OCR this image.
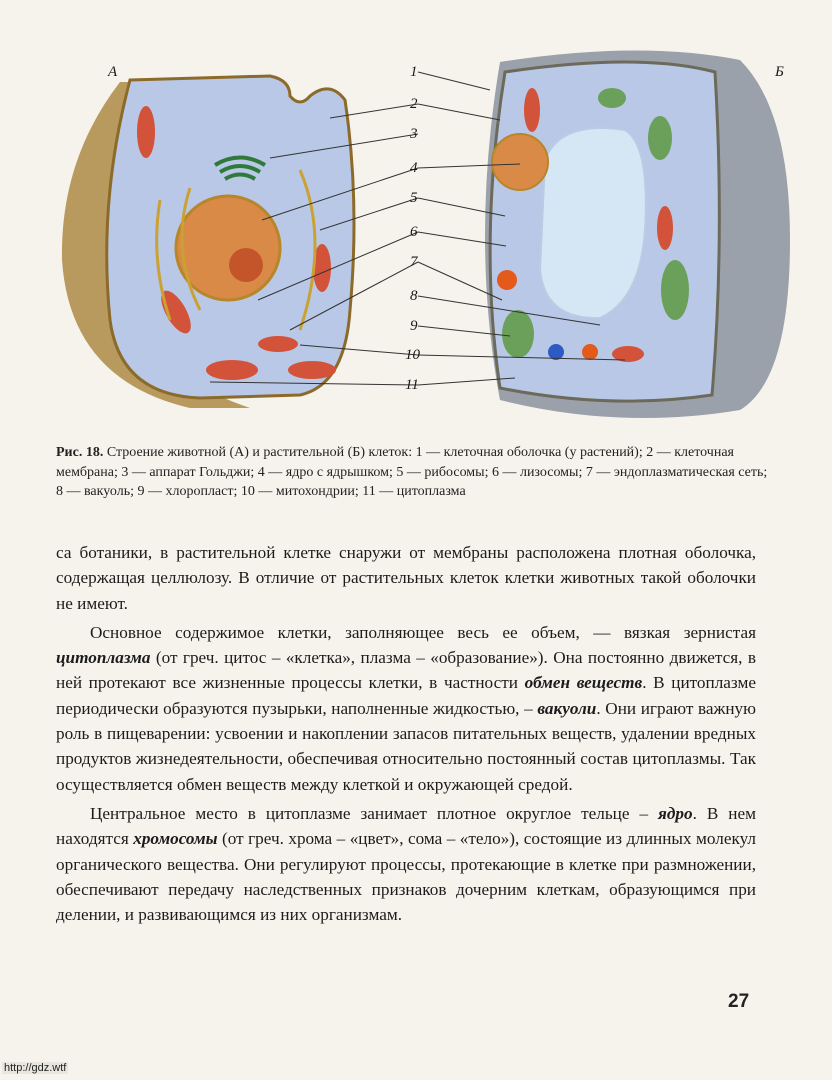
А	Б
1
2
3
4
5
6
7
8
9
10
11
Рис. 18. Строение животной (А) и растительной (Б) клеток: 1 — клеточная оболочка (у растений); 2 — клеточная мембрана; 3 — аппарат Гольджи; 4 — ядро с ядрышком; 5 — рибосомы; 6 — лизосомы; 7 — эндоплазматическая сеть; 8 — вакуоль; 9 — хлоропласт; 10 — митохондрии; 11 — цитоплазма

са ботаники, в растительной клетке снаружи от мембраны расположена плотная оболочка, содержащая целлюлозу. В отличие от растительных клеток клетки животных такой оболочки не имеют.

Основное содержимое клетки, заполняющее весь ее объем, — вязкая зернистая цитоплазма (от греч. цитос – «клетка», плазма – «образование»). Она постоянно движется, в ней протекают все жизненные процессы клетки, в частности обмен веществ. В цитоплазме периодически образуются пузырьки, наполненные жидкостью, – вакуоли. Они играют важную роль в пищеварении: усвоении и накоплении запасов питательных веществ, удалении вредных продуктов жизнедеятельности, обеспечивая относительно постоянный состав цитоплазмы. Так осуществляется обмен веществ между клеткой и окружающей средой.

Центральное место в цитоплазме занимает плотное округлое тельце – ядро. В нем находятся хромосомы (от греч. хрома – «цвет», сома – «тело»), состоящие из длинных молекул органического вещества. Они регулируют процессы, протекающие в клетке при размножении, обеспечивают передачу наследственных признаков дочерним клеткам, образующимся при делении, и развивающимся из них организмам.

27
http://gdz.wtf
